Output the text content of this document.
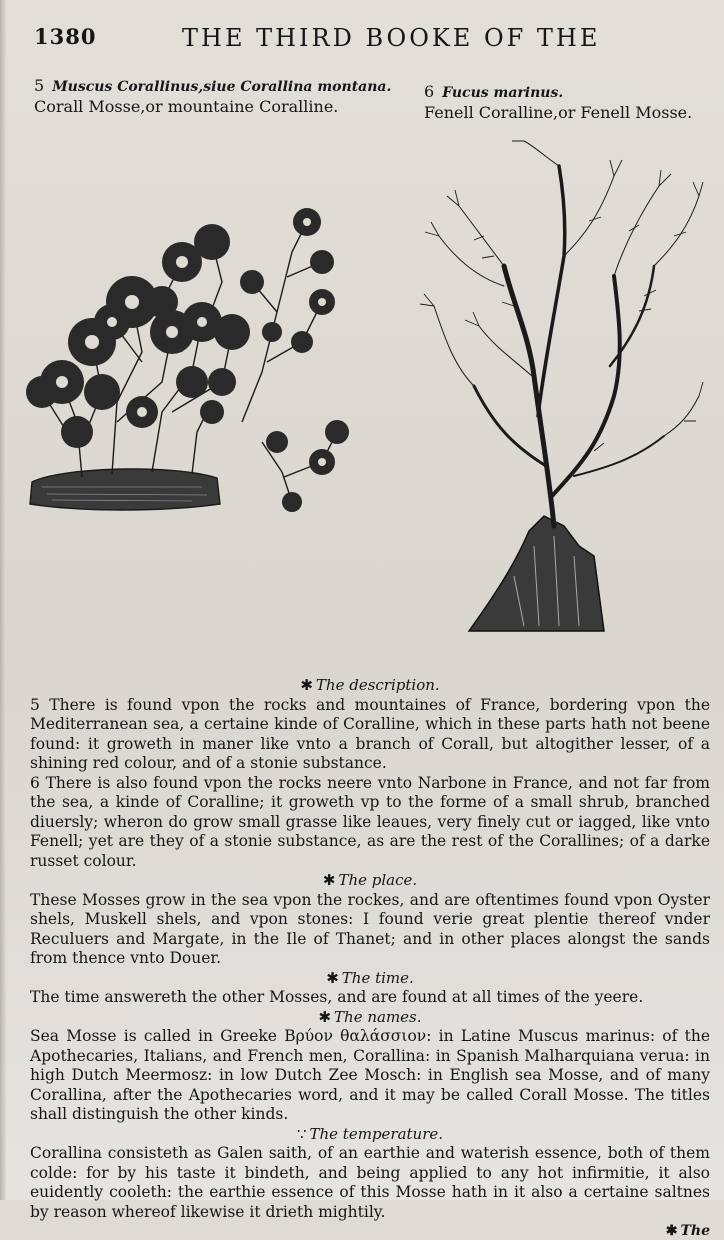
1380	THE THIRD BOOKE OF THE
5 Muscus Corallinus,siue Corallina montana.
Corall Mosse,or mountaine Coralline.
6 Fucus marinus.
Fenell Coralline,or Fenell Mosse.

✱ The description.

5 There is found vpon the rocks and mountaines of France, bordering vpon the Mediterranean sea, a certaine kinde of Coralline, which in these parts hath not beene found: it groweth in maner like vnto a branch of Corall, but altogither lesser, of a shining red colour, and of a stonie substance.

6 There is also found vpon the rocks neere vnto Narbone in France, and not far from the sea, a kinde of Coralline; it groweth vp to the forme of a small shrub, branched diuersly; wheron do grow small grasse like leaues, very finely cut or iagged, like vnto Fenell; yet are they of a stonie substance, as are the rest of the Corallines; of a darke russet colour.

✱ The place.

These Mosses grow in the sea vpon the rockes, and are oftentimes found vpon Oyster shels, Muskell shels, and vpon stones: I found verie great plentie thereof vnder Reculuers and Margate, in the Ile of Thanet; and in other places alongst the sands from thence vnto Douer.

✱ The time.

The time answereth the other Mosses, and are found at all times of the yeere.

✱ The names.

Sea Mosse is called in Greeke Βρύον θαλάσσιον: in Latine Muscus marinus: of the Apothecaries, Italians, and French men, Corallina: in Spanish Malharquiana verua: in high Dutch Meermosz: in low Dutch Zee Mosch: in English sea Mosse, and of many Corallina, after the Apothecaries word, and it may be called Corall Mosse. The titles shall distinguish the other kinds.

∵ The temperature.

Corallina consisteth as Galen saith, of an earthie and waterish essence, both of them colde: for by his taste it bindeth, and being applied to any hot infirmitie, it also euidently cooleth: the earthie essence of this Mosse hath in it also a certaine saltnes by reason whereof likewise it drieth mightily.

✱ The
